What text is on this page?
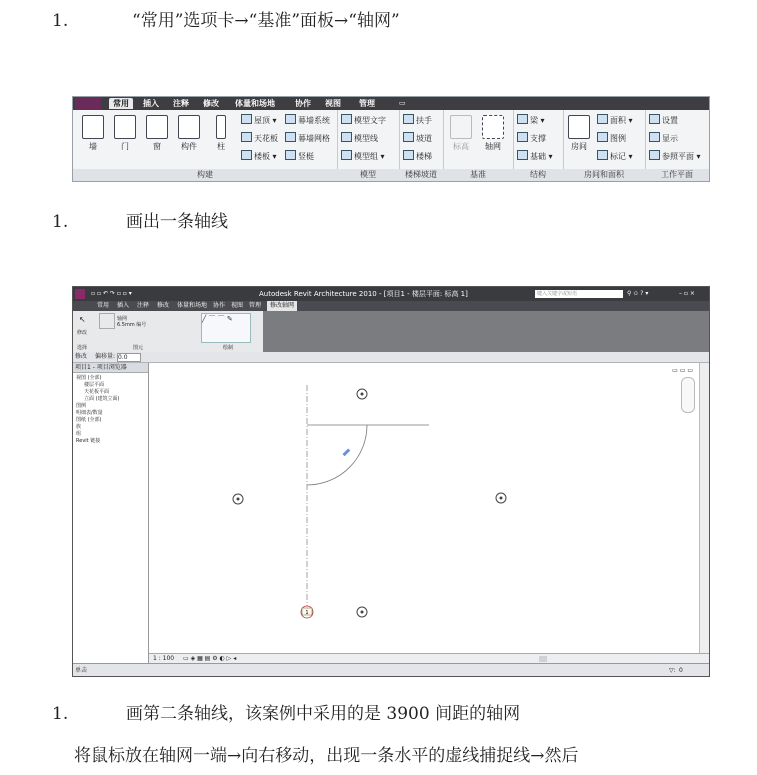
1.	“常用”选项卡→“基准”面板→“轴网”
常用	插入 注释 修改 体量和场地	协作 视图 管理	▭
墙	门	窗	构件	柱
屋顶 ▾
天花板
楼板 ▾
幕墙系统
幕墙网格
竖梃
模型文字
模型线
模型组 ▾
扶手
坡道
楼梯
标高	轴网
梁 ▾
支撑
基础 ▾
房间
面积 ▾
图例
标记 ▾
设置
显示
参照平面 ▾
构建	模型	楼梯坡道	基准	结构	房间和面积	工作平面
1.	画出一条轴线
▫ ▫ ↶ ↷ ▫ ▫ ▾	Autodesk Revit Architecture 2010 - [项目1 - 楼层平面: 标高 1]	键入关键字或短语	⚲ ✩ ? ▾	– ▫ ×
常用 插入 注释 修改 体量和场地 协作 视图 管理	修改轴网
↖
修改
轴网
6.5mm 编号
╱ ⌒ ⌒ ✎
选择	图元	绘制
修改 偏移量: 0.0
项目1 - 项目浏览器
视图 (全部)
楼层平面
天花板平面
立面 (建筑立面)
图例
明细表/数量
图纸 (全部)
族
组
Revit 链接
1
▭ ▭ ▭
1 : 100 ▭ ◈ ▦ ▤ ⚙ ◐ ▷ ◂
单击	▽: 0
1.	画第二条轴线，该案例中采用的是 3900 间距的轴网
将鼠标放在轴网一端→向右移动，出现一条水平的虚线捕捉线→然后
